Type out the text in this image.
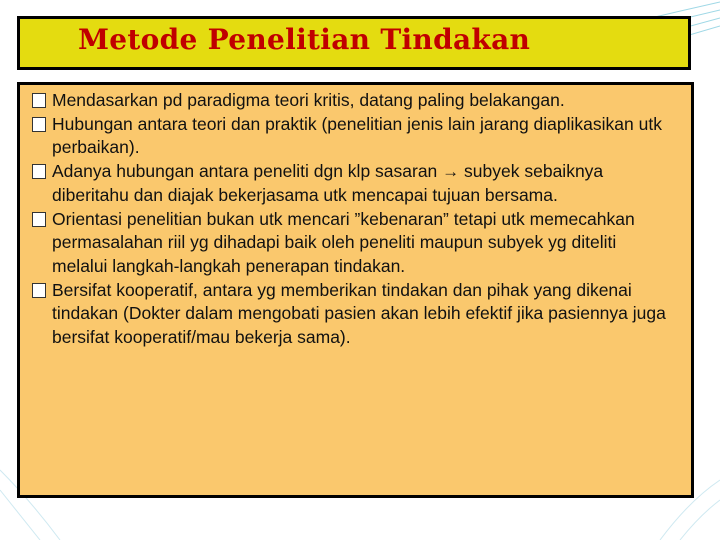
Metode Penelitian Tindakan
Mendasarkan pd paradigma teori kritis, datang paling belakangan.
Hubungan antara teori dan praktik (penelitian jenis lain jarang diaplikasikan utk perbaikan).
Adanya hubungan antara peneliti dgn klp sasaran → subyek sebaiknya diberitahu dan diajak bekerjasama utk mencapai tujuan bersama.
Orientasi penelitian bukan utk mencari ”kebenaran” tetapi utk memecahkan permasalahan riil yg dihadapi baik oleh peneliti maupun subyek yg diteliti melalui langkah-langkah penerapan tindakan.
Bersifat kooperatif, antara yg memberikan tindakan dan pihak yang dikenai tindakan (Dokter dalam mengobati pasien akan lebih efektif jika pasiennya juga bersifat kooperatif/mau bekerja sama).
